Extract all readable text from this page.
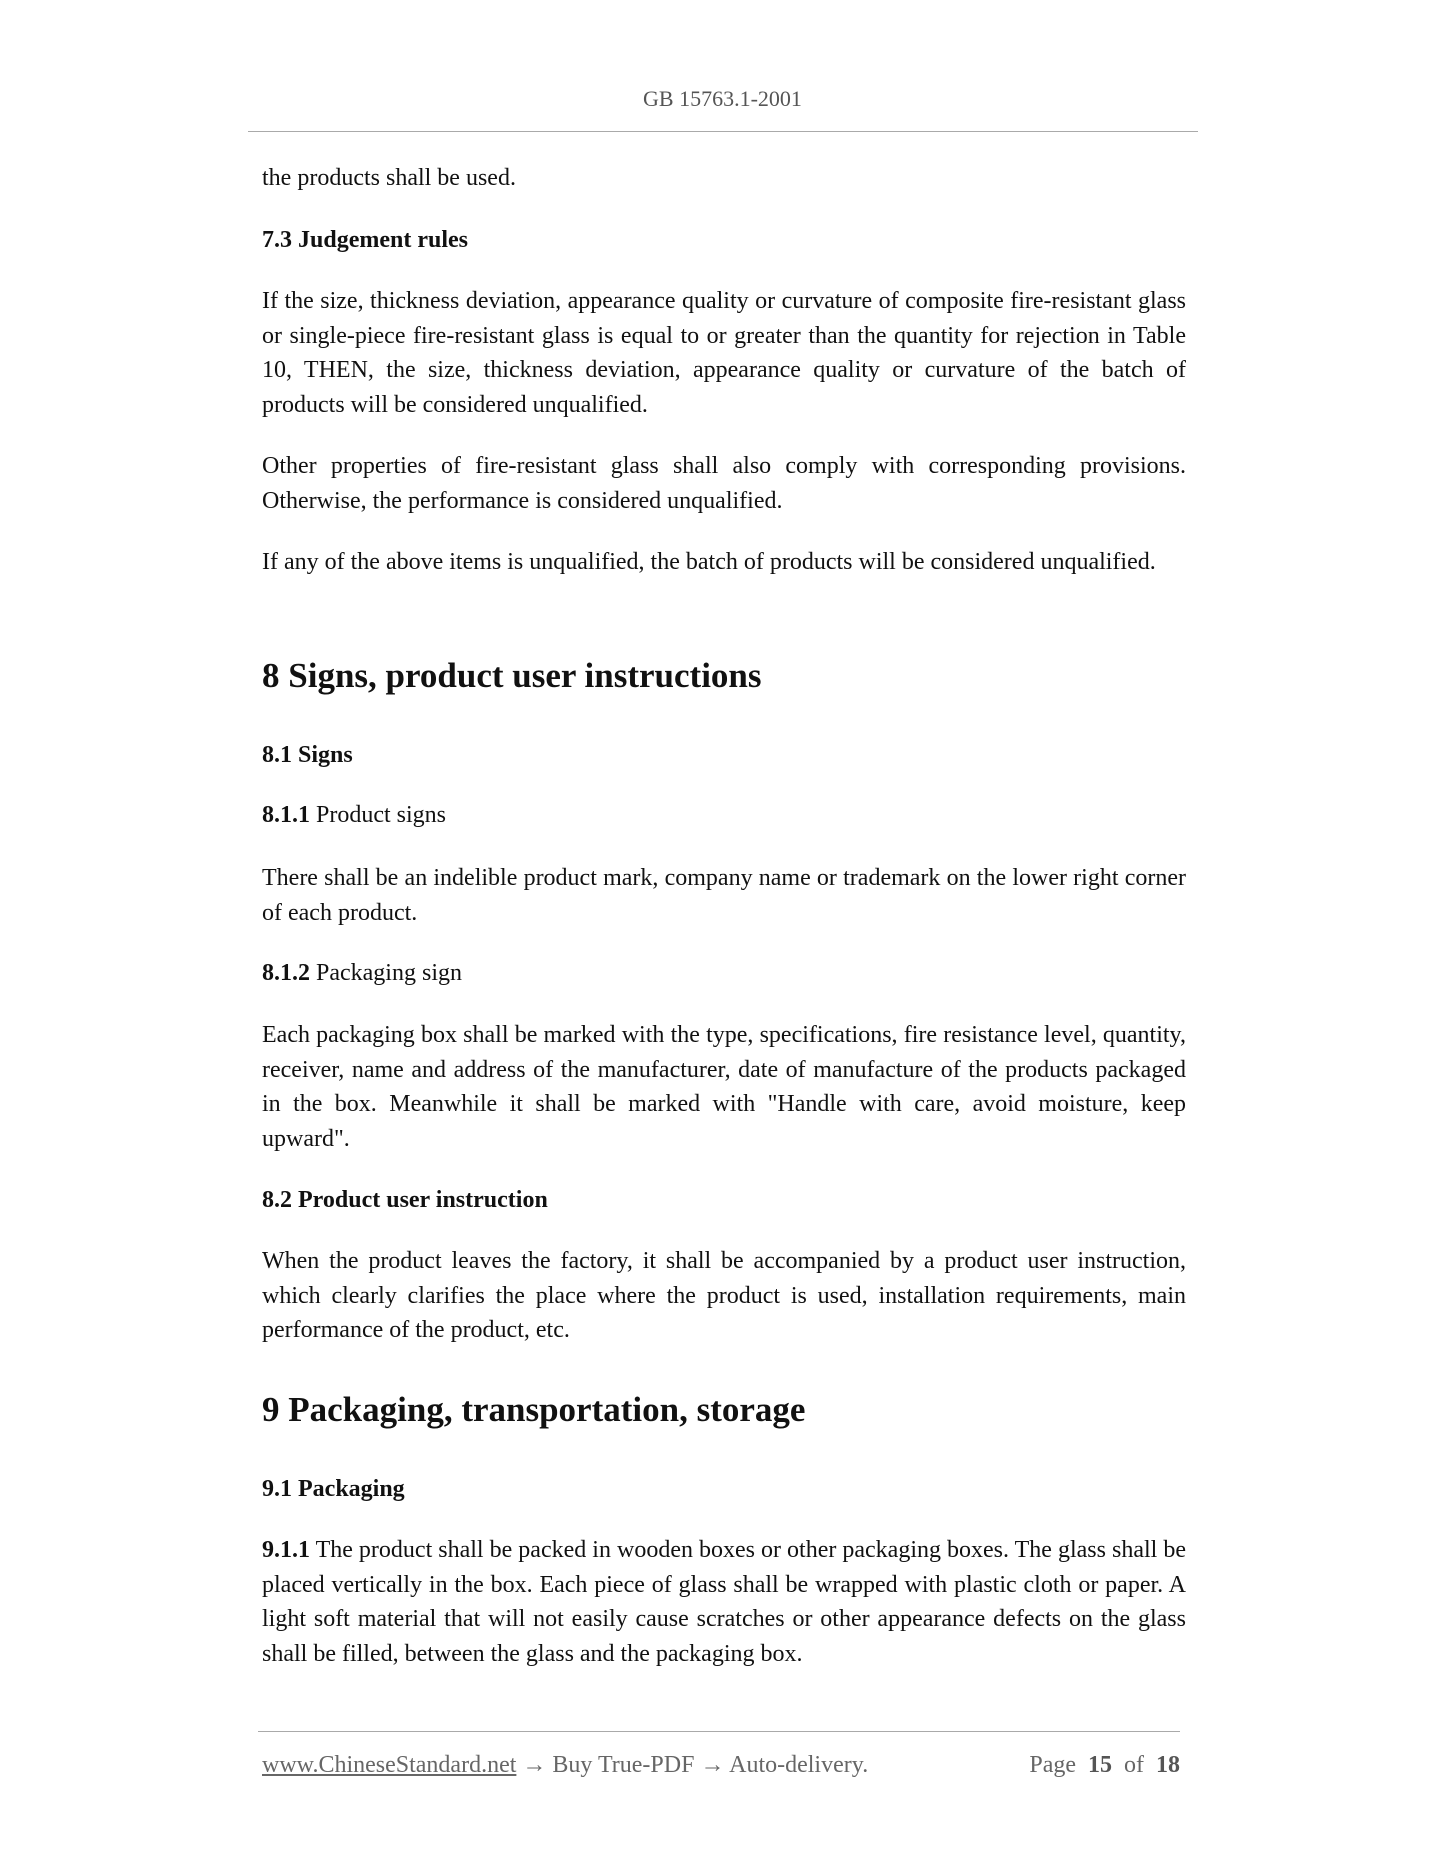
GB 15763.1-2001

the products shall be used.

7.3 Judgement rules

If the size, thickness deviation, appearance quality or curvature of composite fire-resistant glass or single-piece fire-resistant glass is equal to or greater than the quantity for rejection in Table 10, THEN, the size, thickness deviation, appearance quality or curvature of the batch of products will be considered unqualified.

Other properties of fire-resistant glass shall also comply with corresponding provisions. Otherwise, the performance is considered unqualified.

If any of the above items is unqualified, the batch of products will be considered unqualified.

8 Signs, product user instructions

8.1 Signs

8.1.1 Product signs

There shall be an indelible product mark, company name or trademark on the lower right corner of each product.

8.1.2 Packaging sign

Each packaging box shall be marked with the type, specifications, fire resistance level, quantity, receiver, name and address of the manufacturer, date of manufacture of the products packaged in the box. Meanwhile it shall be marked with "Handle with care, avoid moisture, keep upward".

8.2 Product user instruction

When the product leaves the factory, it shall be accompanied by a product user instruction, which clearly clarifies the place where the product is used, installation requirements, main performance of the product, etc.

9 Packaging, transportation, storage

9.1 Packaging

9.1.1 The product shall be packed in wooden boxes or other packaging boxes. The glass shall be placed vertically in the box. Each piece of glass shall be wrapped with plastic cloth or paper. A light soft material that will not easily cause scratches or other appearance defects on the glass shall be filled, between the glass and the packaging box.

www.ChineseStandard.net → Buy True-PDF → Auto-delivery.	Page 15 of 18
